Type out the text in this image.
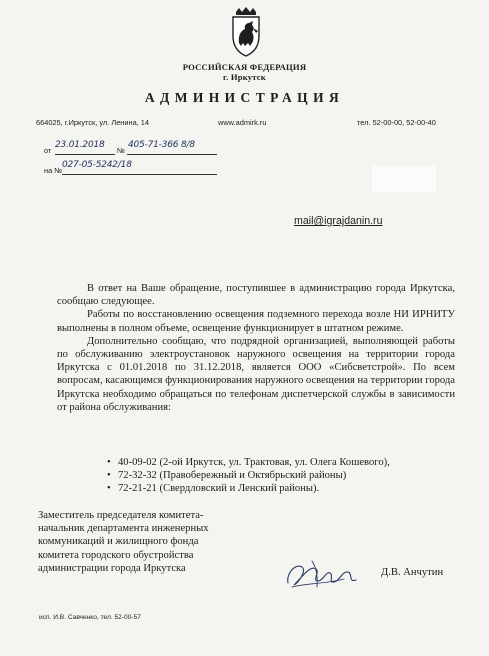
РОССИЙСКАЯ ФЕДЕРАЦИЯ
г. Иркутск
АДМИНИСТРАЦИЯ
664025, г.Иркутск, ул. Ленина, 14	www.admirk.ru	тел. 52-00-00, 52-00-40
от
23.01.2018
№
405-71-366 8/8
на №
027-05-5242/18
mail@igrajdanin.ru

В ответ на Ваше обращение, поступившее в администрацию города Иркутска, сообщаю следующее.

Работы по восстановлению освещения подземного перехода возле НИ ИРНИТУ выполнены в полном объеме, освещение функционирует в штатном режиме.

Дополнительно сообщаю, что подрядной организацией, выполняющей работы по обслуживанию электроустановок наружного освещения на территории города Иркутска с 01.01.2018 по 31.12.2018, является ООО «Сибсветстрой». По всем вопросам, касающимся функционирования наружного освещения на территории города Иркутска необходимо обращаться по телефонам диспетчерской службы в зависимости от района обслуживания:

• 40-09-02 (2-ой Иркутск, ул. Трактовая, ул. Олега Кошевого),
• 72-32-32 (Правобережный и Октябрьский районы)
• 72-21-21 (Свердловский и Ленский районы).
Заместитель председателя комитета-
начальник департамента инженерных
коммуникаций и жилищного фонда
комитета городского обустройства
администрации города Иркутска	Д.В. Анчутин
исп. И.В. Савченко, тел. 52-00-57
